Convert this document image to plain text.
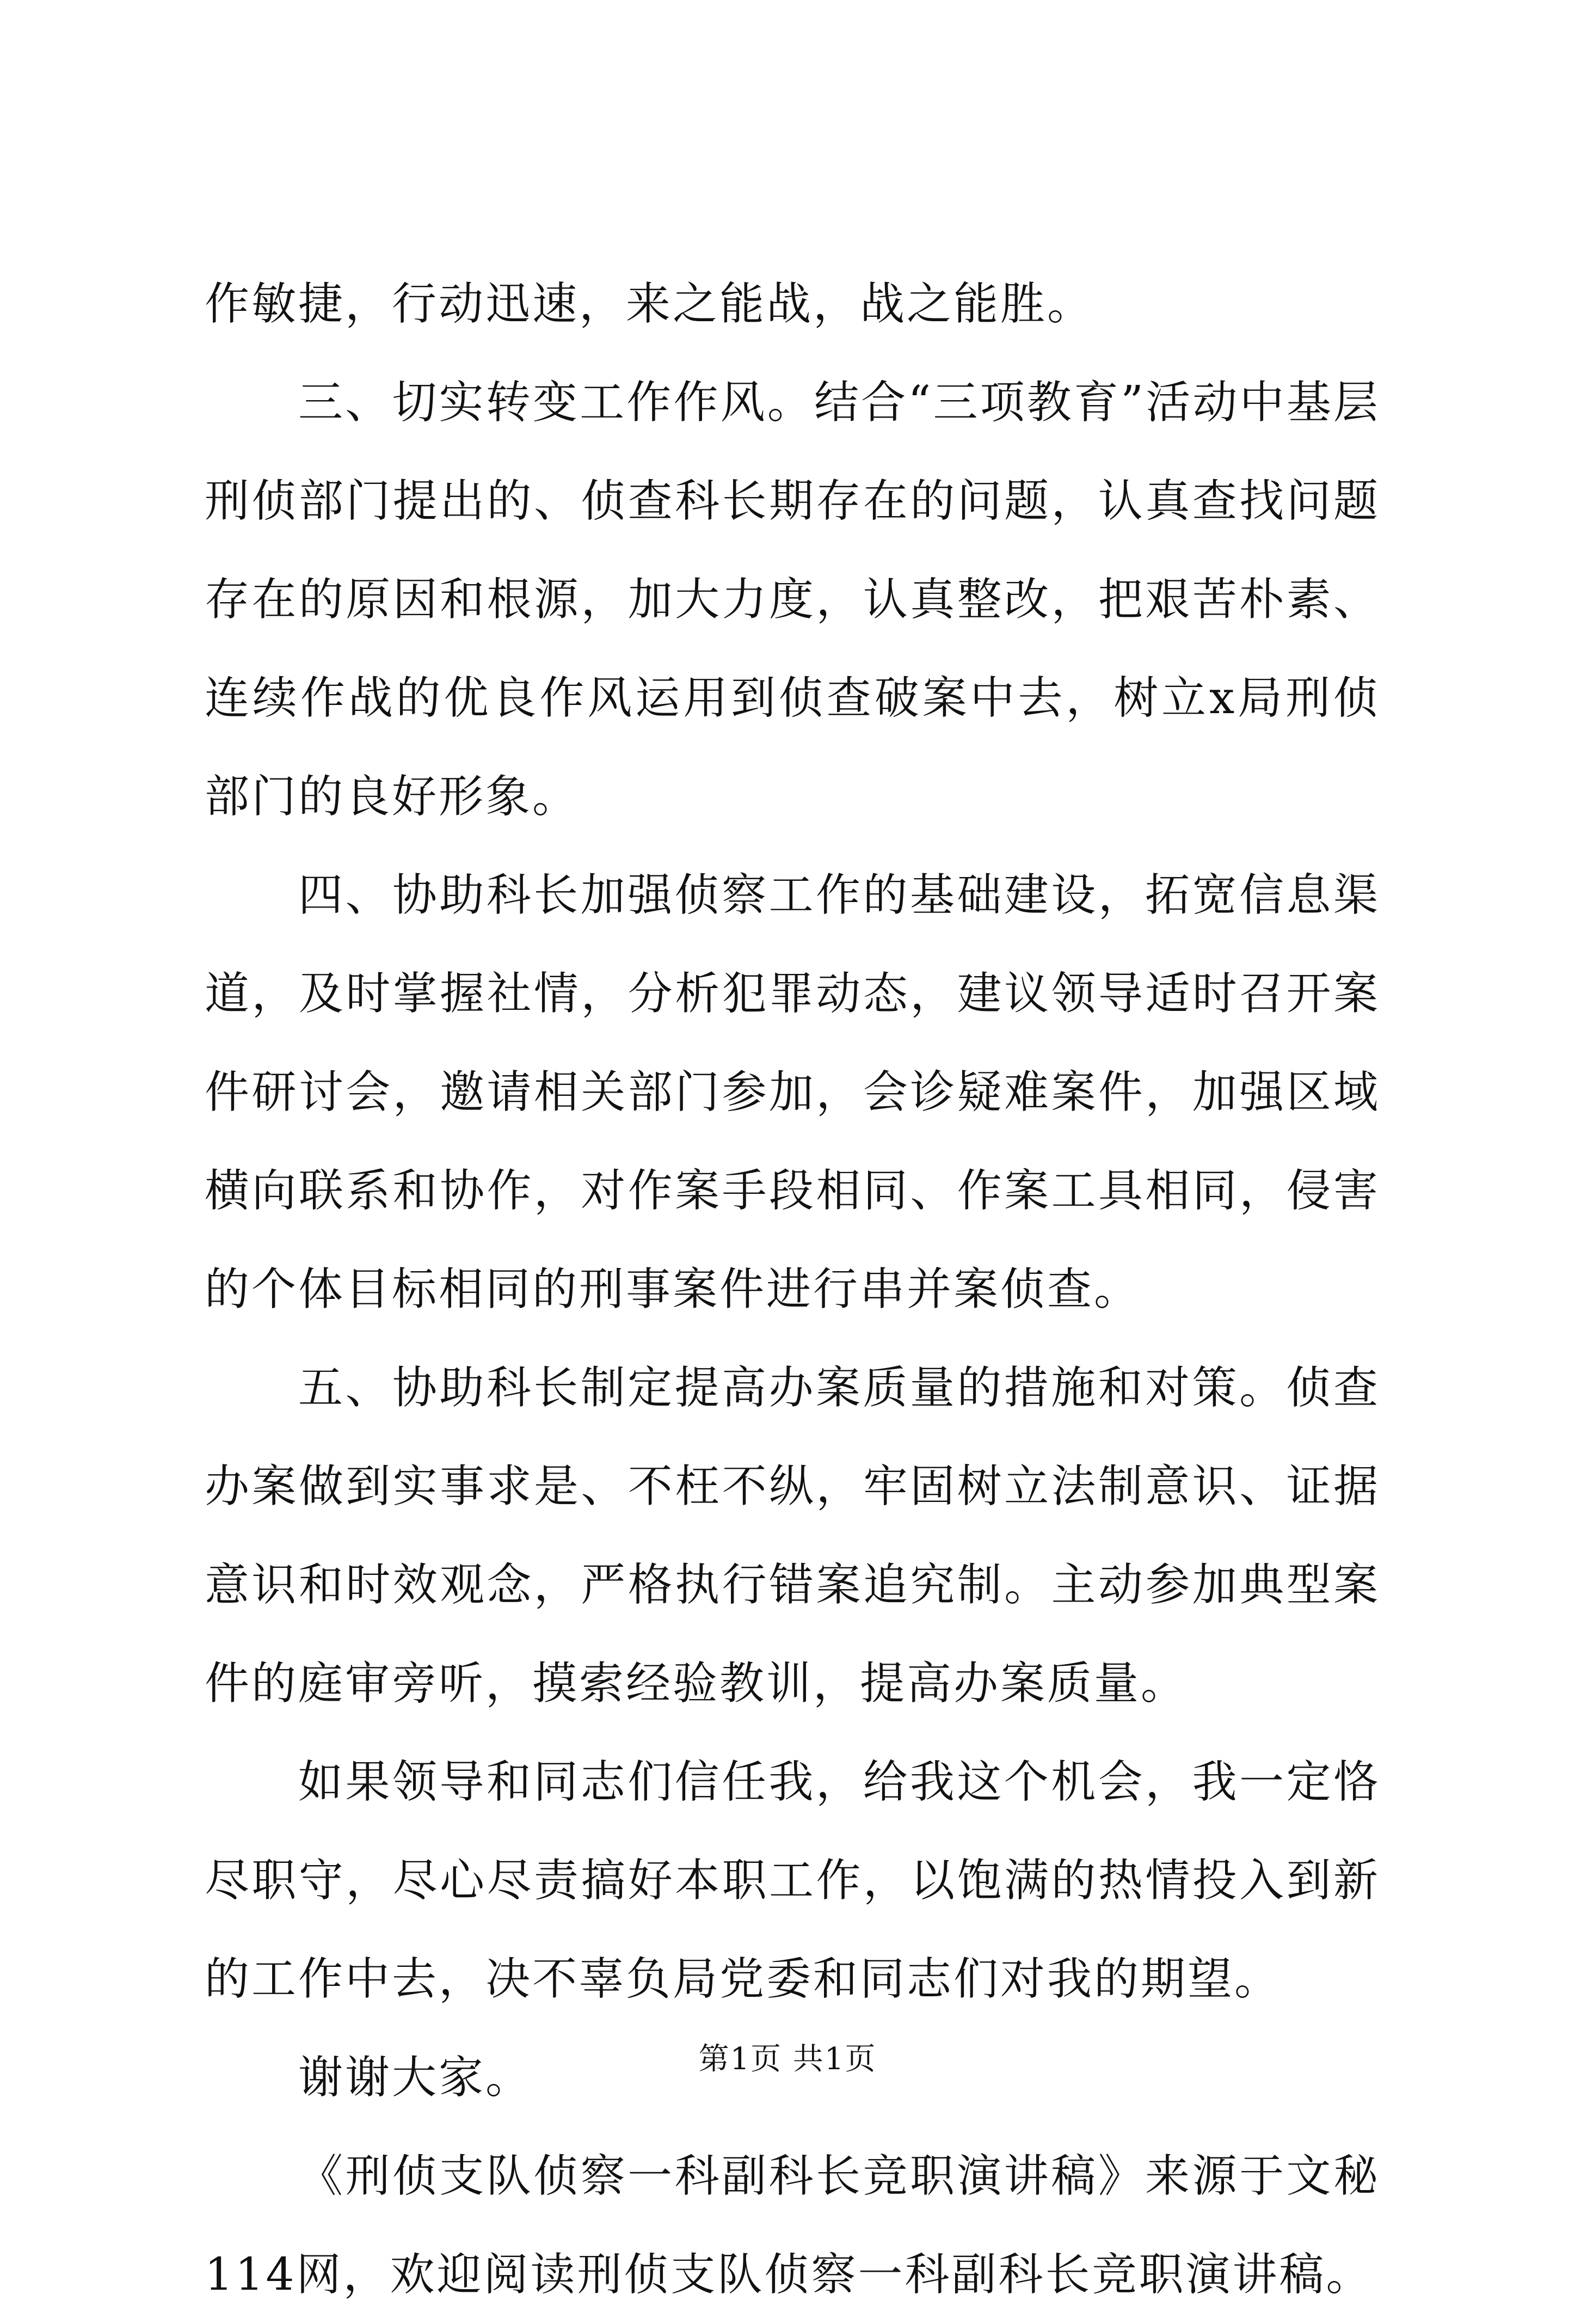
作敏捷，行动迅速，来之能战，战之能胜。

三、切实转变工作作风。结合“三项教育”活动中基层刑侦部门提出的、侦查科长期存在的问题，认真查找问题存在的原因和根源，加大力度，认真整改，把艰苦朴素、连续作战的优良作风运用到侦查破案中去，树立x局刑侦部门的良好形象。

四、协助科长加强侦察工作的基础建设，拓宽信息渠道，及时掌握社情，分析犯罪动态，建议领导适时召开案件研讨会，邀请相关部门参加，会诊疑难案件，加强区域横向联系和协作，对作案手段相同、作案工具相同，侵害的个体目标相同的刑事案件进行串并案侦查。

五、协助科长制定提高办案质量的措施和对策。侦查办案做到实事求是、不枉不纵，牢固树立法制意识、证据意识和时效观念，严格执行错案追究制。主动参加典型案件的庭审旁听，摸索经验教训，提高办案质量。

如果领导和同志们信任我，给我这个机会，我一定恪尽职守，尽心尽责搞好本职工作，以饱满的热情投入到新的工作中去，决不辜负局党委和同志们对我的期望。

谢谢大家。

《刑侦支队侦察一科副科长竞职演讲稿》来源于文秘114网，欢迎阅读刑侦支队侦察一科副科长竞职演讲稿。

第1页 共1页
